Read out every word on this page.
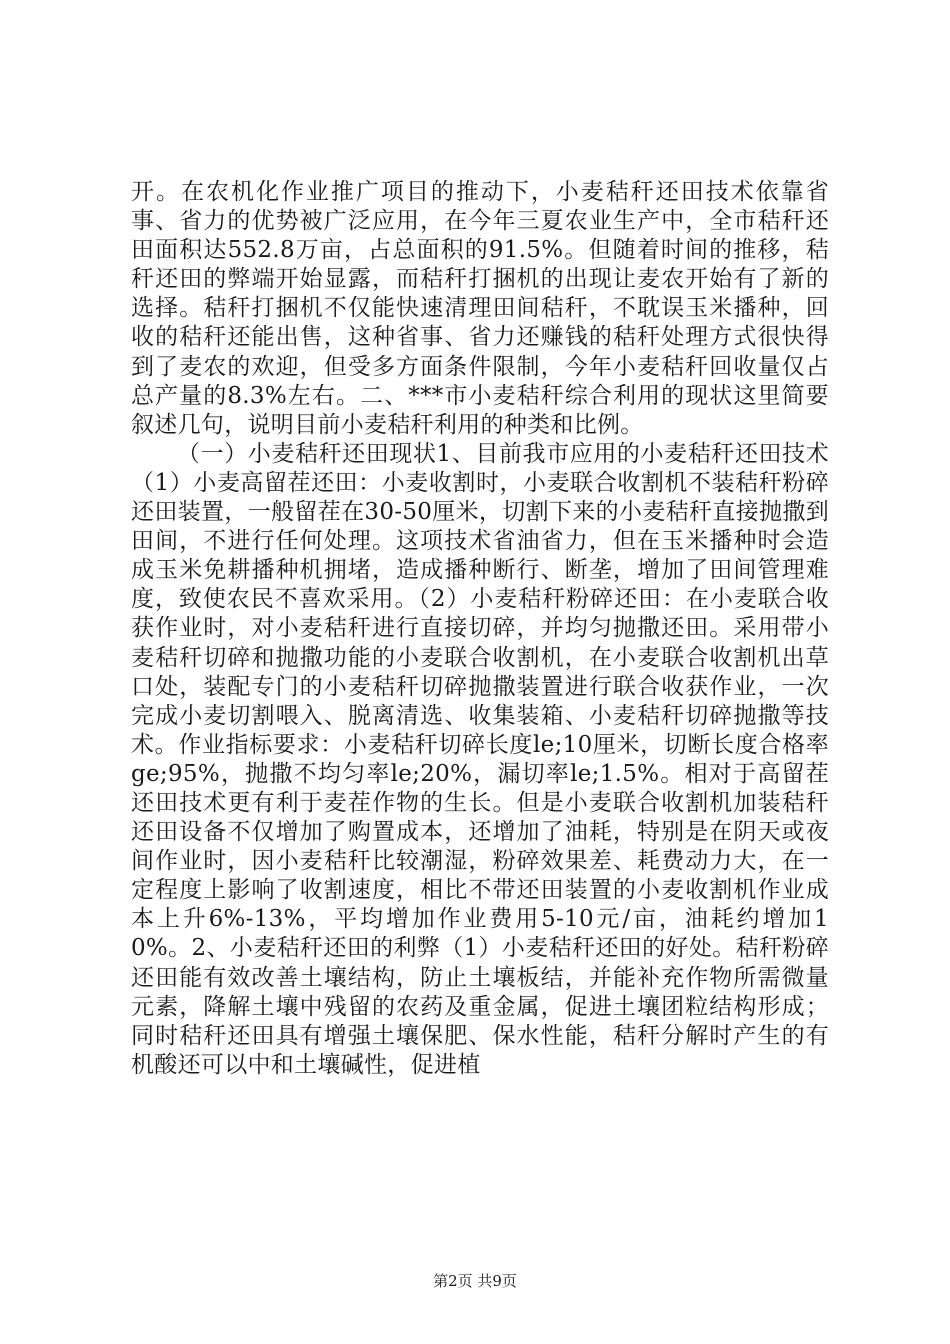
开。在农机化作业推广项目的推动下，小麦秸秆还田技术依靠省事、省力的优势被广泛应用，在今年三夏农业生产中，全市秸秆还田面积达552.8万亩，占总面积的91.5%。但随着时间的推移，秸秆还田的弊端开始显露，而秸秆打捆机的出现让麦农开始有了新的选择。秸秆打捆机不仅能快速清理田间秸秆，不耽误玉米播种，回收的秸秆还能出售，这种省事、省力还赚钱的秸秆处理方式很快得到了麦农的欢迎，但受多方面条件限制，今年小麦秸秆回收量仅占总产量的8.3%左右。二、***市小麦秸秆综合利用的现状这里简要叙述几句，说明目前小麦秸秆利用的种类和比例。

（一）小麦秸秆还田现状1、目前我市应用的小麦秸秆还田技术（1）小麦高留茬还田：小麦收割时，小麦联合收割机不装秸秆粉碎还田装置，一般留茬在30-50厘米，切割下来的小麦秸秆直接抛撒到田间，不进行任何处理。这项技术省油省力，但在玉米播种时会造成玉米免耕播种机拥堵，造成播种断行、断垄，增加了田间管理难度，致使农民不喜欢采用。（2）小麦秸秆粉碎还田：在小麦联合收获作业时，对小麦秸秆进行直接切碎，并均匀抛撒还田。采用带小麦秸秆切碎和抛撒功能的小麦联合收割机，在小麦联合收割机出草口处，装配专门的小麦秸秆切碎抛撒装置进行联合收获作业，一次完成小麦切割喂入、脱离清选、收集装箱、小麦秸秆切碎抛撒等技术。作业指标要求：小麦秸秆切碎长度le;10厘米，切断长度合格率ge;95%，抛撒不均匀率le;20%，漏切率le;1.5%。相对于高留茬还田技术更有利于麦茬作物的生长。但是小麦联合收割机加装秸秆还田设备不仅增加了购置成本，还增加了油耗，特别是在阴天或夜间作业时，因小麦秸秆比较潮湿，粉碎效果差、耗费动力大，在一定程度上影响了收割速度，相比不带还田装置的小麦收割机作业成本上升6%-13%，平均增加作业费用5-10元/亩，油耗约增加10%。2、小麦秸秆还田的利弊（1）小麦秸秆还田的好处。秸秆粉碎还田能有效改善土壤结构，防止土壤板结，并能补充作物所需微量元素，降解土壤中残留的农药及重金属，促进土壤团粒结构形成；同时秸秆还田具有增强土壤保肥、保水性能，秸秆分解时产生的有机酸还可以中和土壤碱性，促进植

第2页 共9页
